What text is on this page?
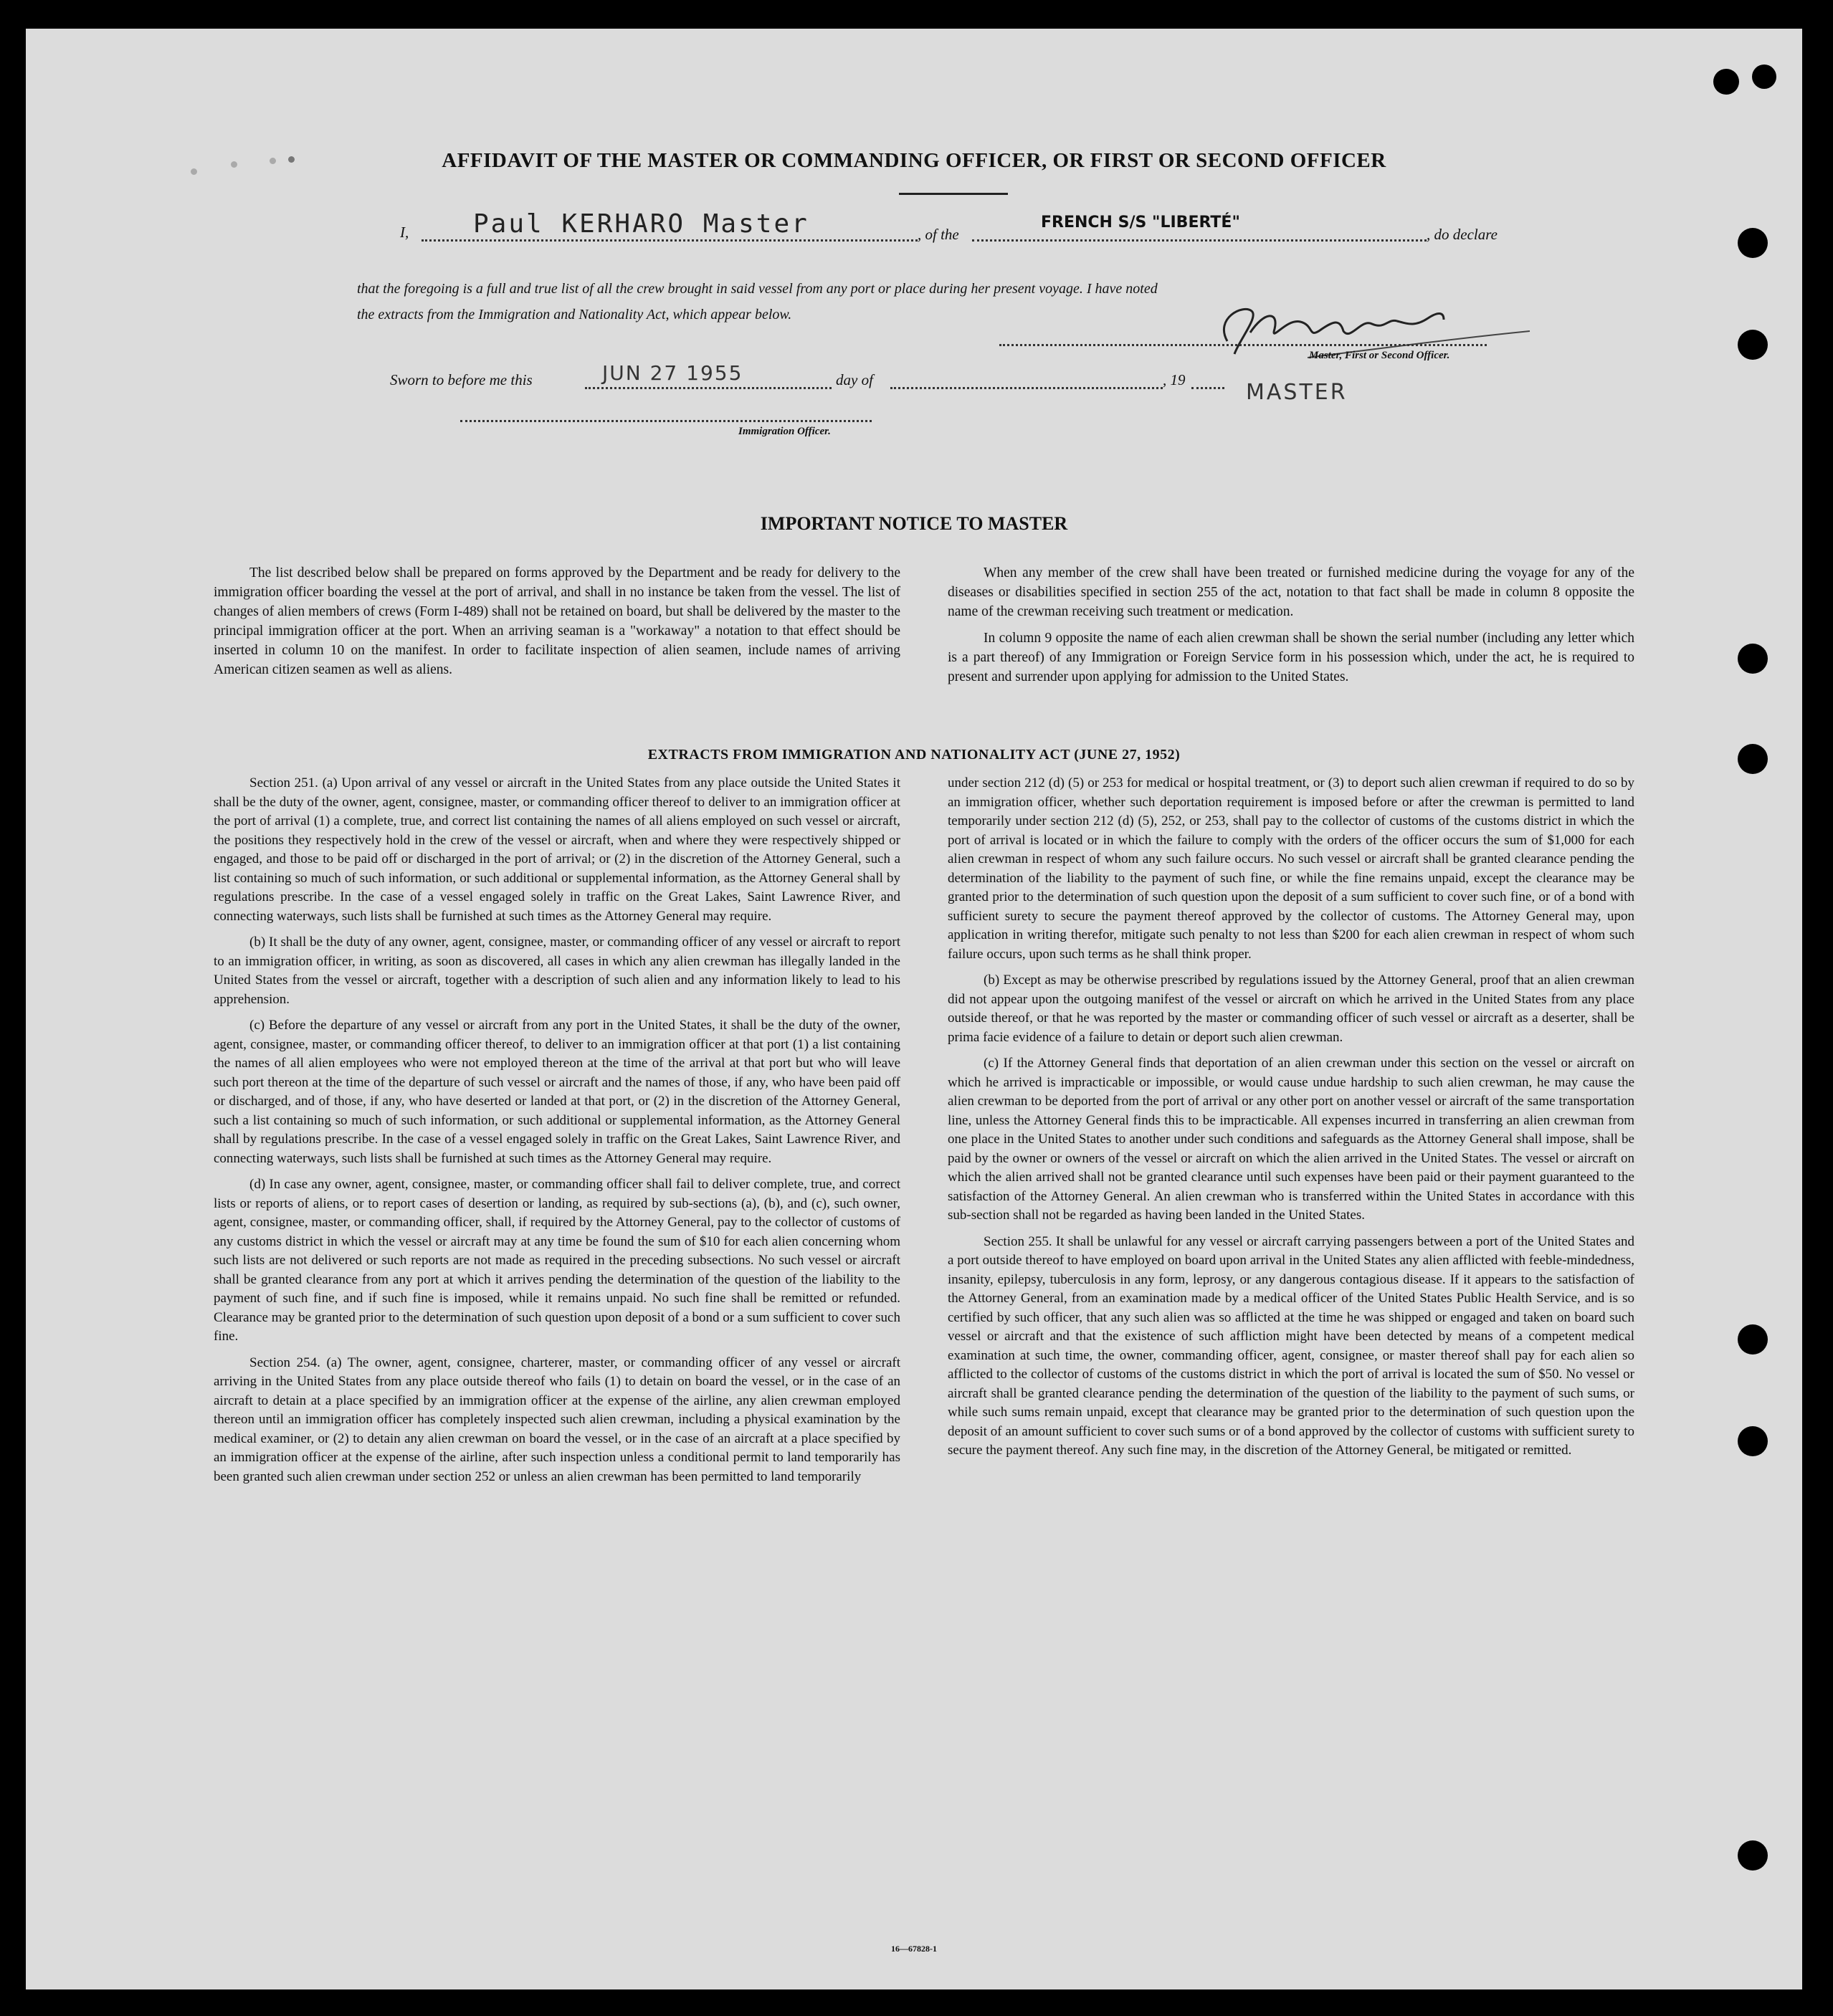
AFFIDAVIT OF THE MASTER OR COMMANDING OFFICER, OR FIRST OR SECOND OFFICER
I, Paul KERHARO Master	, of the
FRENCH S/S "LIBERTÉ"
, do declare
that the foregoing is a full and true list of all the crew brought in said vessel from any port or place during her present voyage. I have noted
the extracts from the Immigration and Nationality Act, which appear below.
Master, First or Second Officer.
MASTER
Sworn to before me this	JUN 27 1955	day of	, 19
Immigration Officer.
IMPORTANT NOTICE TO MASTER

The list described below shall be prepared on forms approved by the Department and be ready for delivery to the immigration officer boarding the vessel at the port of arrival, and shall in no instance be taken from the vessel. The list of changes of alien members of crews (Form I-489) shall not be retained on board, but shall be delivered by the master to the principal immigration officer at the port. When an arriving seaman is a "workaway" a notation to that effect should be inserted in column 10 on the manifest. In order to facilitate inspection of alien seamen, include names of arriving American citizen seamen as well as aliens.

When any member of the crew shall have been treated or furnished medicine during the voyage for any of the diseases or disabilities specified in section 255 of the act, notation to that fact shall be made in column 8 opposite the name of the crewman receiving such treatment or medication.

In column 9 opposite the name of each alien crewman shall be shown the serial number (including any letter which is a part thereof) of any Immigration or Foreign Service form in his possession which, under the act, he is required to present and surrender upon applying for admission to the United States.

EXTRACTS FROM IMMIGRATION AND NATIONALITY ACT (JUNE 27, 1952)

Section 251. (a) Upon arrival of any vessel or aircraft in the United States from any place outside the United States it shall be the duty of the owner, agent, consignee, master, or commanding officer thereof to deliver to an immigration officer at the port of arrival (1) a complete, true, and correct list containing the names of all aliens employed on such vessel or aircraft, the positions they respectively hold in the crew of the vessel or aircraft, when and where they were respectively shipped or engaged, and those to be paid off or discharged in the port of arrival; or (2) in the discretion of the Attorney General, such a list containing so much of such information, or such additional or supplemental information, as the Attorney General shall by regulations prescribe. In the case of a vessel engaged solely in traffic on the Great Lakes, Saint Lawrence River, and connecting waterways, such lists shall be furnished at such times as the Attorney General may require.

(b) It shall be the duty of any owner, agent, consignee, master, or commanding officer of any vessel or aircraft to report to an immigration officer, in writing, as soon as discovered, all cases in which any alien crewman has illegally landed in the United States from the vessel or aircraft, together with a description of such alien and any information likely to lead to his apprehension.

(c) Before the departure of any vessel or aircraft from any port in the United States, it shall be the duty of the owner, agent, consignee, master, or commanding officer thereof, to deliver to an immigration officer at that port (1) a list containing the names of all alien employees who were not employed thereon at the time of the arrival at that port but who will leave such port thereon at the time of the departure of such vessel or aircraft and the names of those, if any, who have been paid off or discharged, and of those, if any, who have deserted or landed at that port, or (2) in the discretion of the Attorney General, such a list containing so much of such information, or such additional or supplemental information, as the Attorney General shall by regulations prescribe. In the case of a vessel engaged solely in traffic on the Great Lakes, Saint Lawrence River, and connecting waterways, such lists shall be furnished at such times as the Attorney General may require.

(d) In case any owner, agent, consignee, master, or commanding officer shall fail to deliver complete, true, and correct lists or reports of aliens, or to report cases of desertion or landing, as required by sub-sections (a), (b), and (c), such owner, agent, consignee, master, or commanding officer, shall, if required by the Attorney General, pay to the collector of customs of any customs district in which the vessel or aircraft may at any time be found the sum of $10 for each alien concerning whom such lists are not delivered or such reports are not made as required in the preceding subsections. No such vessel or aircraft shall be granted clearance from any port at which it arrives pending the determination of the question of the liability to the payment of such fine, and if such fine is imposed, while it remains unpaid. No such fine shall be remitted or refunded. Clearance may be granted prior to the determination of such question upon deposit of a bond or a sum sufficient to cover such fine.

Section 254. (a) The owner, agent, consignee, charterer, master, or commanding officer of any vessel or aircraft arriving in the United States from any place outside thereof who fails (1) to detain on board the vessel, or in the case of an aircraft to detain at a place specified by an immigration officer at the expense of the airline, any alien crewman employed thereon until an immigration officer has completely inspected such alien crewman, including a physical examination by the medical examiner, or (2) to detain any alien crewman on board the vessel, or in the case of an aircraft at a place specified by an immigration officer at the expense of the airline, after such inspection unless a conditional permit to land temporarily has been granted such alien crewman under section 252 or unless an alien crewman has been permitted to land temporarily

under section 212 (d) (5) or 253 for medical or hospital treatment, or (3) to deport such alien crewman if required to do so by an immigration officer, whether such deportation requirement is imposed before or after the crewman is permitted to land temporarily under section 212 (d) (5), 252, or 253, shall pay to the collector of customs of the customs district in which the port of arrival is located or in which the failure to comply with the orders of the officer occurs the sum of $1,000 for each alien crewman in respect of whom any such failure occurs. No such vessel or aircraft shall be granted clearance pending the determination of the liability to the payment of such fine, or while the fine remains unpaid, except the clearance may be granted prior to the determination of such question upon the deposit of a sum sufficient to cover such fine, or of a bond with sufficient surety to secure the payment thereof approved by the collector of customs. The Attorney General may, upon application in writing therefor, mitigate such penalty to not less than $200 for each alien crewman in respect of whom such failure occurs, upon such terms as he shall think proper.

(b) Except as may be otherwise prescribed by regulations issued by the Attorney General, proof that an alien crewman did not appear upon the outgoing manifest of the vessel or aircraft on which he arrived in the United States from any place outside thereof, or that he was reported by the master or commanding officer of such vessel or aircraft as a deserter, shall be prima facie evidence of a failure to detain or deport such alien crewman.

(c) If the Attorney General finds that deportation of an alien crewman under this section on the vessel or aircraft on which he arrived is impracticable or impossible, or would cause undue hardship to such alien crewman, he may cause the alien crewman to be deported from the port of arrival or any other port on another vessel or aircraft of the same transportation line, unless the Attorney General finds this to be impracticable. All expenses incurred in transferring an alien crewman from one place in the United States to another under such conditions and safeguards as the Attorney General shall impose, shall be paid by the owner or owners of the vessel or aircraft on which the alien arrived in the United States. The vessel or aircraft on which the alien arrived shall not be granted clearance until such expenses have been paid or their payment guaranteed to the satisfaction of the Attorney General. An alien crewman who is transferred within the United States in accordance with this sub-section shall not be regarded as having been landed in the United States.

Section 255. It shall be unlawful for any vessel or aircraft carrying passengers between a port of the United States and a port outside thereof to have employed on board upon arrival in the United States any alien afflicted with feeble-mindedness, insanity, epilepsy, tuberculosis in any form, leprosy, or any dangerous contagious disease. If it appears to the satisfaction of the Attorney General, from an examination made by a medical officer of the United States Public Health Service, and is so certified by such officer, that any such alien was so afflicted at the time he was shipped or engaged and taken on board such vessel or aircraft and that the existence of such affliction might have been detected by means of a competent medical examination at such time, the owner, commanding officer, agent, consignee, or master thereof shall pay for each alien so afflicted to the collector of customs of the customs district in which the port of arrival is located the sum of $50. No vessel or aircraft shall be granted clearance pending the determination of the question of the liability to the payment of such sums, or while such sums remain unpaid, except that clearance may be granted prior to the determination of such question upon the deposit of an amount sufficient to cover such sums or of a bond approved by the collector of customs with sufficient surety to secure the payment thereof. Any such fine may, in the discretion of the Attorney General, be mitigated or remitted.

16—67828-1
